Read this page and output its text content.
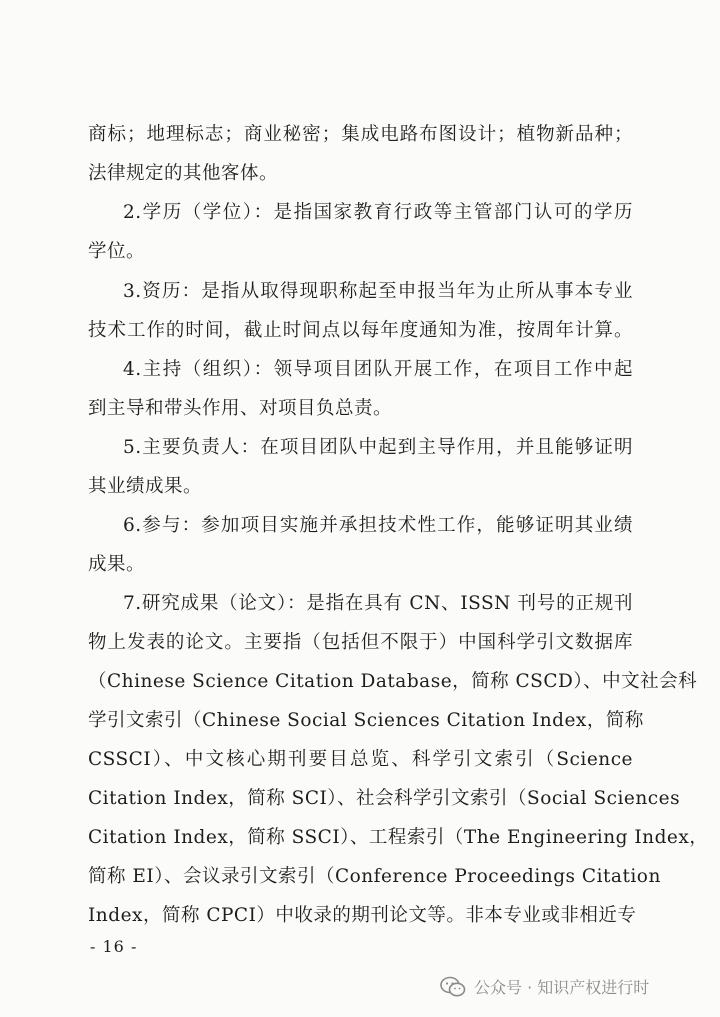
商标；地理标志；商业秘密；集成电路布图设计；植物新品种；
法律规定的其他客体。
2.学历（学位）：是指国家教育行政等主管部门认可的学历
学位。
3.资历：是指从取得现职称起至申报当年为止所从事本专业
技术工作的时间，截止时间点以每年度通知为准，按周年计算。
4.主持（组织）：领导项目团队开展工作，在项目工作中起
到主导和带头作用、对项目负总责。
5.主要负责人：在项目团队中起到主导作用，并且能够证明
其业绩成果。
6.参与：参加项目实施并承担技术性工作，能够证明其业绩
成果。
7.研究成果（论文）：是指在具有 CN、ISSN 刊号的正规刊
物上发表的论文。主要指（包括但不限于）中国科学引文数据库
（Chinese Science Citation Database，简称 CSCD）、中文社会科
学引文索引（Chinese Social Sciences Citation Index，简称
CSSCI）、中文核心期刊要目总览、科学引文索引（Science
Citation Index，简称 SCI）、社会科学引文索引（Social Sciences
Citation Index，简称 SSCI）、工程索引（The Engineering Index，
简称 EI）、会议录引文索引（Conference Proceedings Citation
Index，简称 CPCI）中收录的期刊论文等。非本专业或非相近专
- 16 -
公众号 · 知识产权进行时
